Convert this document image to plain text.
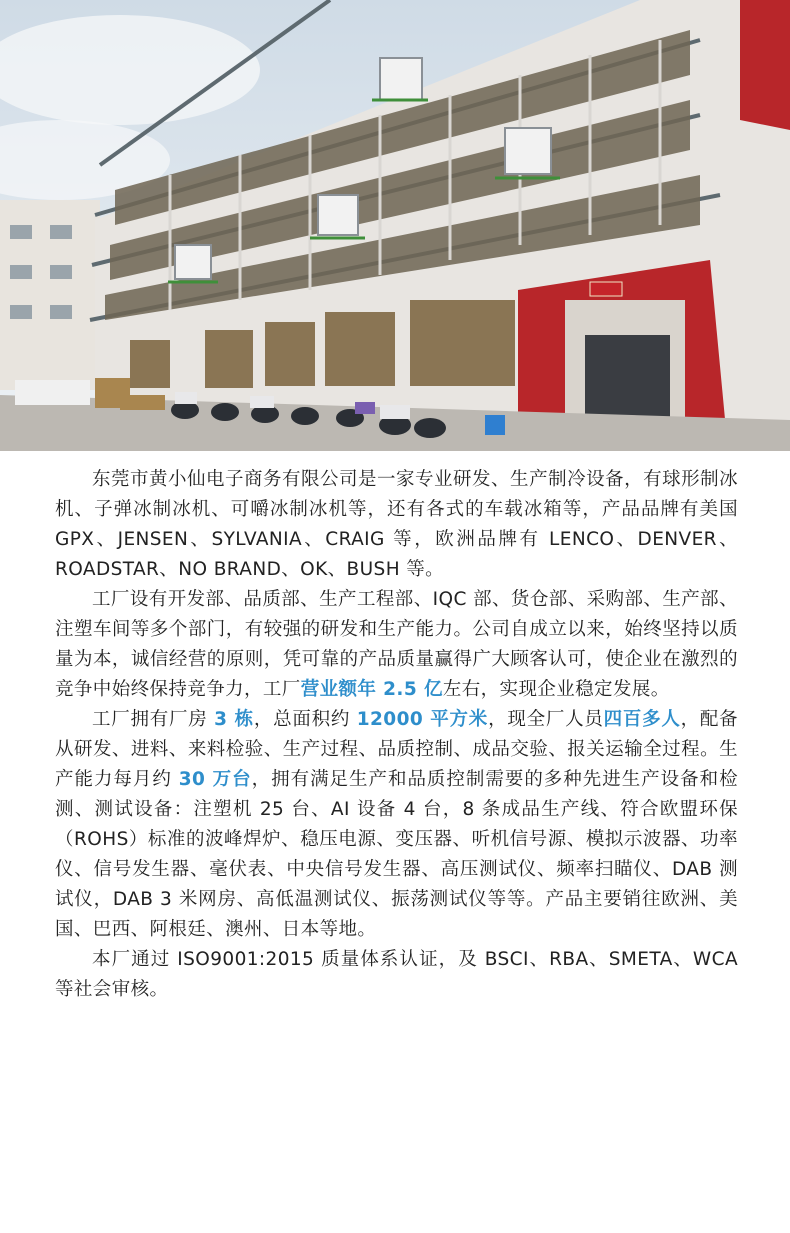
东莞市黄小仙电子商务有限公司是一家专业研发、生产制冷设备，有球形制冰机、子弹冰制冰机、可嚼冰制冰机等，还有各式的车载冰箱等，产品品牌有美国 GPX、JENSEN、SYLVANIA、CRAIG 等，欧洲品牌有 LENCO、DENVER、ROADSTAR、NO BRAND、OK、BUSH 等。

工厂设有开发部、品质部、生产工程部、IQC 部、货仓部、采购部、生产部、注塑车间等多个部门，有较强的研发和生产能力。公司自成立以来，始终坚持以质量为本，诚信经营的原则，凭可靠的产品质量赢得广大顾客认可，使企业在激烈的竞争中始终保持竞争力，工厂营业额年 2.5 亿左右，实现企业稳定发展。

工厂拥有厂房 3 栋，总面积约 12000 平方米，现全厂人员四百多人，配备从研发、进料、来料检验、生产过程、品质控制、成品交验、报关运输全过程。生产能力每月约 30 万台，拥有满足生产和品质控制需要的多种先进生产设备和检测、测试设备：注塑机 25 台、AI 设备 4 台，8 条成品生产线、符合欧盟环保（ROHS）标准的波峰焊炉、稳压电源、变压器、听机信号源、模拟示波器、功率仪、信号发生器、毫伏表、中央信号发生器、高压测试仪、频率扫瞄仪、DAB 测试仪，DAB 3 米网房、高低温测试仪、振荡测试仪等等。产品主要销往欧洲、美国、巴西、阿根廷、澳州、日本等地。

本厂通过 ISO9001:2015 质量体系认证，及 BSCI、RBA、SMETA、WCA 等社会审核。
